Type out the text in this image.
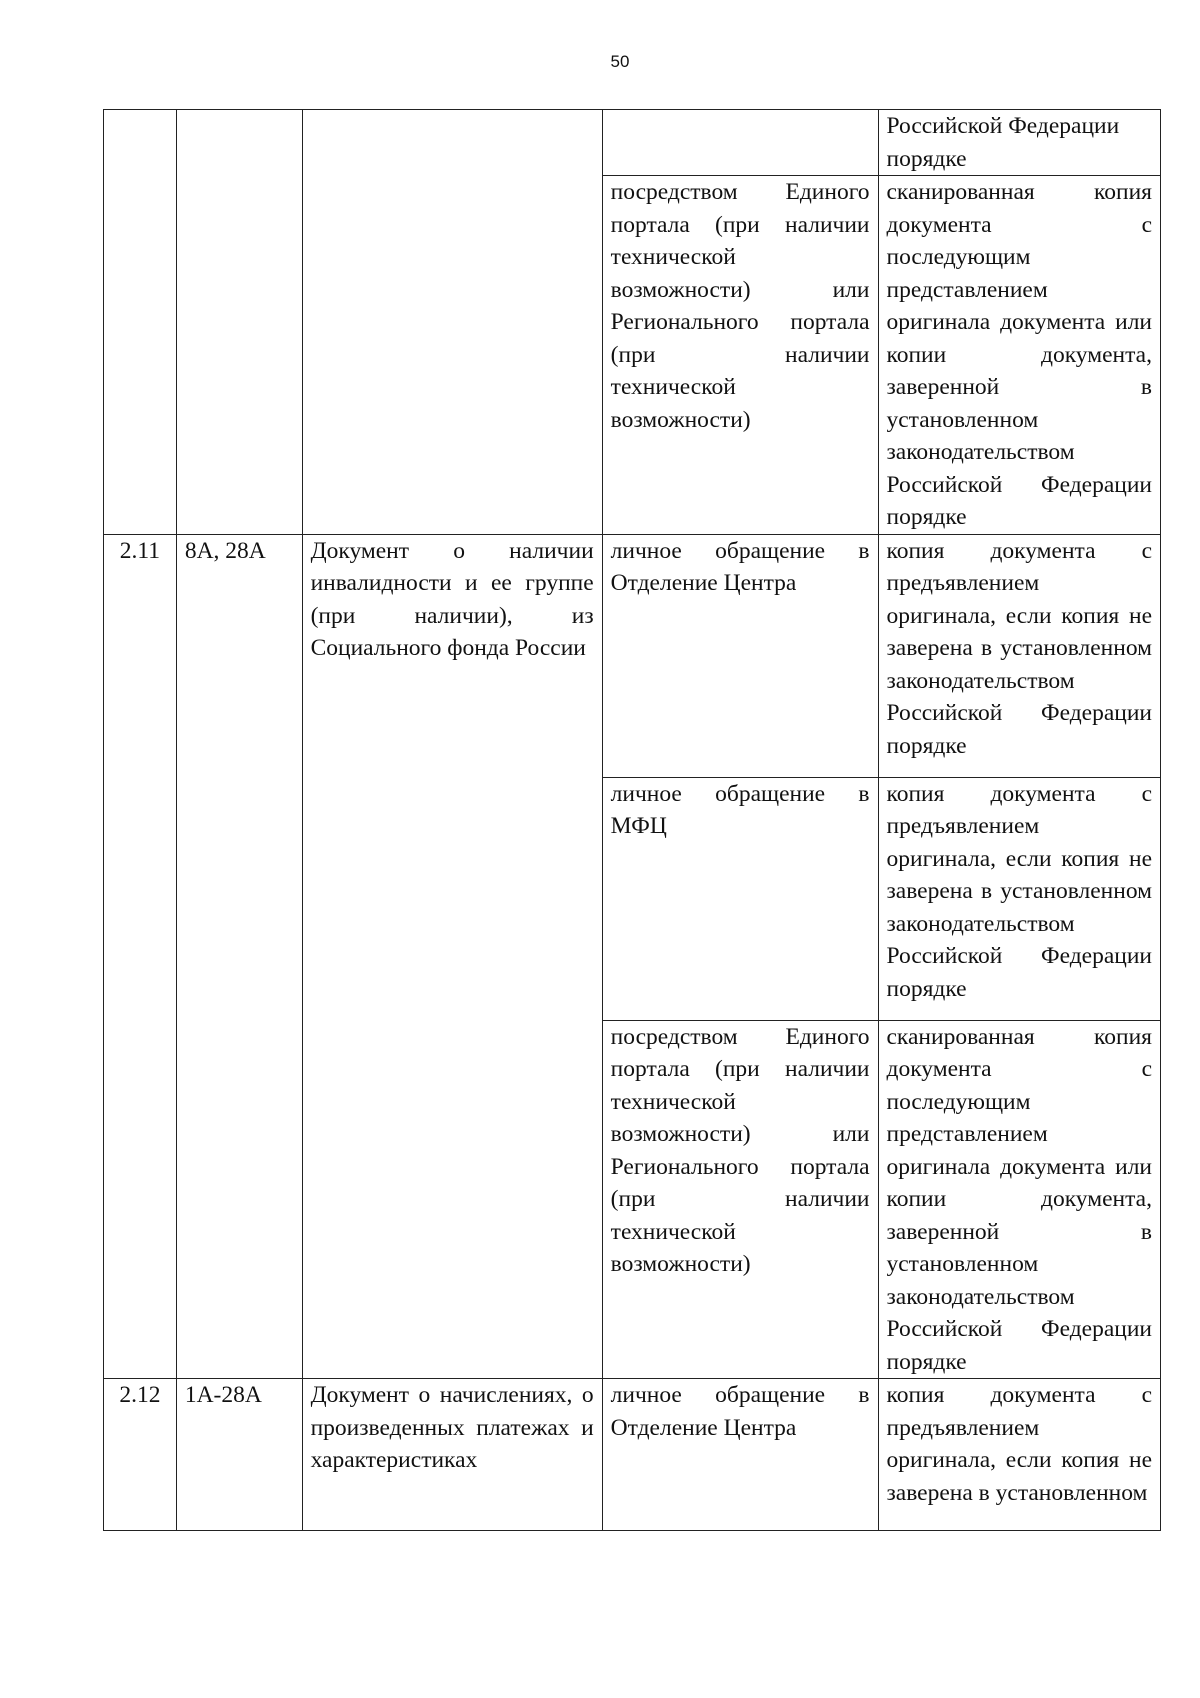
50

				Российской Федерации порядке

			посредством Единого портала (при наличии технической возможности) или Регионального портала (при наличии технической возможности)	сканированная копия документа с последующим представлением оригинала документа или копии документа, заверенной в установленном законодательством Российской Федерации порядке

2.11	8А, 28А	Документ о наличии инвалидности и ее группе (при наличии), из Социального фонда России	личное обращение в Отделение Центра	копия документа с предъявлением оригинала, если копия не заверена в установленном законодательством Российской Федерации порядке

			личное обращение в МФЦ	копия документа с предъявлением оригинала, если копия не заверена в установленном законодательством Российской Федерации порядке

			посредством Единого портала (при наличии технической возможности) или Регионального портала (при наличии технической возможности)	сканированная копия документа с последующим представлением оригинала документа или копии документа, заверенной в установленном законодательством Российской Федерации порядке

2.12	1А-28А	Документ о начислениях, о произведенных платежах и характеристиках	личное обращение в Отделение Центра	копия документа с предъявлением оригинала, если копия не заверена в установленном
